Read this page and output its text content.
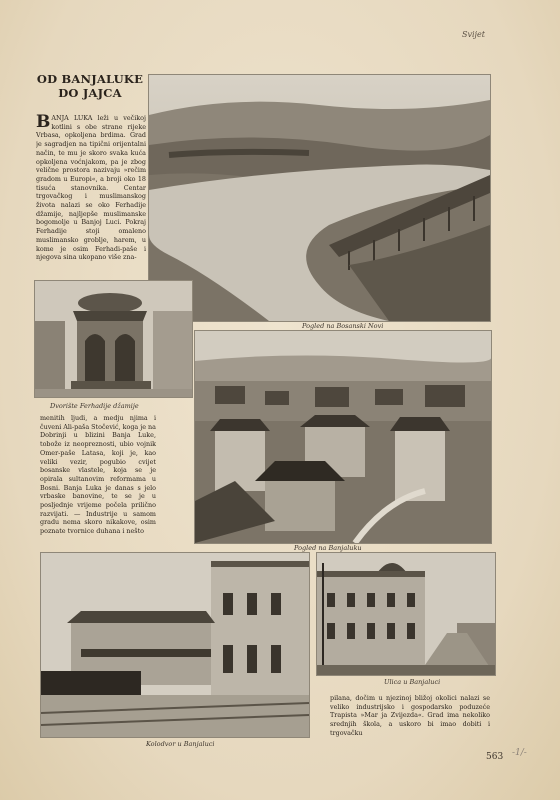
Svijet
OD BANJALUKE DO JAJCA
BANJA LUKA leži u večikoj kotlini s obe strane rijeke Vrbasa, opkoljena brdima. Grad je sagradjen na tipični orijentalni način, te mu je skoro svaka kuća opkoljena voćnjakom, pa je zbog velične prostora nazivaju »rečim gradom u Europi«, a broji oko 18 tisuća stanovnika. Centar trgovačkog i muslimanskog života nalazi se oko Ferhadije džamije, najljepše muslimanske bogomolje u Banjoj Luci. Pokraj Ferhadije stoji omaleno muslimansko groblje, harem, u kome je osim Ferhadi-paše i njegova sina ukopano više zna-
Pogled na Bosanski Novi
Dvorište Ferhadije džamije
Pogled na Banjaluku
menitih ljudi, a medju njima i čuveni Ali-paša Stočević, koga je na Dobrinji u blizini Banja Luke, tobože iz neopreznosti, ubio vojnik Omer-paše Latasa, koji je, kao veliki vezir, pogubio cvijet bosanske vlastele, koja se je opirala sultanovim reformama u Bosni. Banja Luka je danas s jelo vrbaske banovine, te se je u posljednje vrijeme počela prilično razvijati. — Industrije u samom gradu nema skoro nikakove, osim poznate tvornice duhana i nešto
Kolodvor u Banjaluci
Ulica u Banjaluci
pilana, dočim u njezinoj bližoj okolici nalazi se veliko industrijsko i gospodarsko poduzeće Trapista »Mar ja Zvijezda«. Grad ima nekoliko srednjih škola, a uskoro bi imao dobiti i trgovačku
563 -1/-
